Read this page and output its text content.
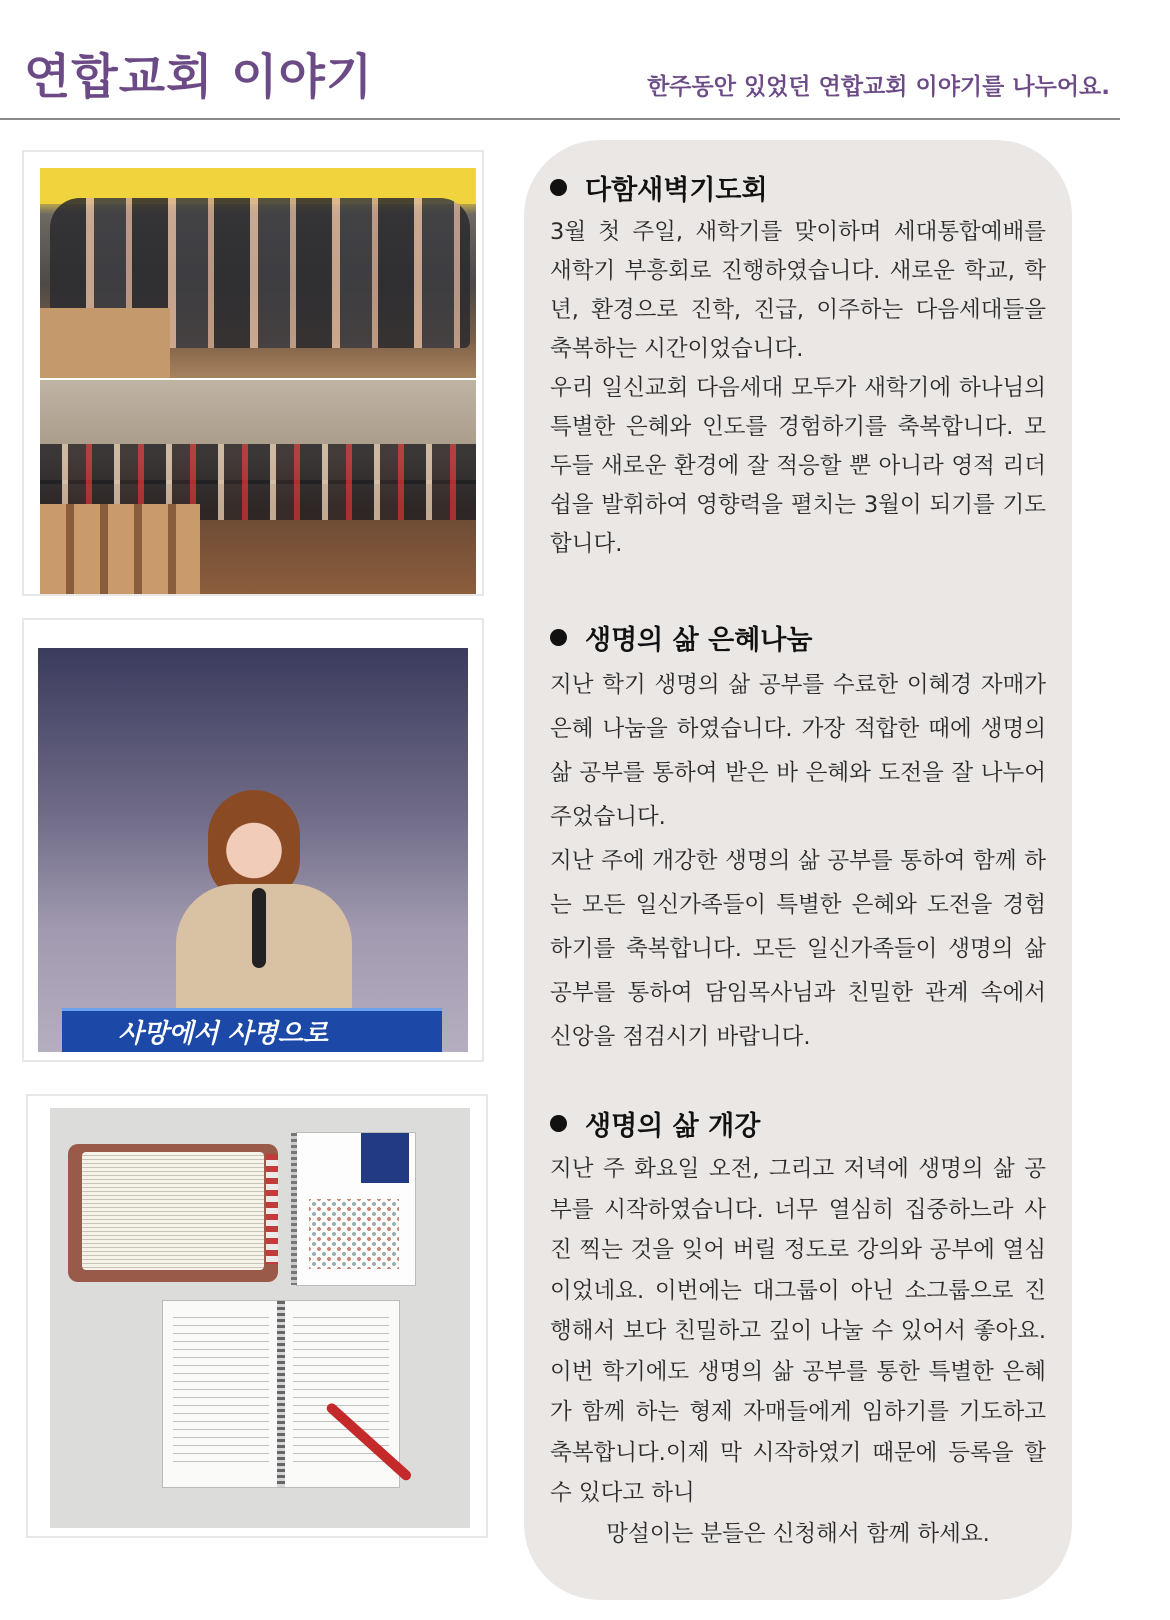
연합교회 이야기	한주동안 있었던 연합교회 이야기를 나누어요.

사망에서 사명으로
다함새벽기도회

3월 첫 주일, 새학기를 맞이하며 세대통합예배를 새학기 부흥회로 진행하였습니다. 새로운 학교, 학년, 환경으로 진학, 진급, 이주하는 다음세대들을 축복하는 시간이었습니다.

우리 일신교회 다음세대 모두가 새학기에 하나님의 특별한 은혜와 인도를 경험하기를 축복합니다. 모두들 새로운 환경에 잘 적응할 뿐 아니라 영적 리더쉽을 발휘하여 영향력을 펼치는 3월이 되기를 기도합니다.

생명의 삶 은혜나눔

지난 학기 생명의 삶 공부를 수료한 이혜경 자매가 은혜 나눔을 하였습니다. 가장 적합한 때에 생명의 삶 공부를 통하여 받은 바 은혜와 도전을 잘 나누어 주었습니다.

지난 주에 개강한 생명의 삶 공부를 통하여 함께 하는 모든 일신가족들이 특별한 은혜와 도전을 경험하기를 축복합니다. 모든 일신가족들이 생명의 삶 공부를 통하여 담임목사님과 친밀한 관계 속에서 신앙을 점검시기 바랍니다.

생명의 삶 개강

지난 주 화요일 오전, 그리고 저녁에 생명의 삶 공부를 시작하였습니다. 너무 열심히 집중하느라 사진 찍는 것을 잊어 버릴 정도로 강의와 공부에 열심이었네요. 이번에는 대그룹이 아닌 소그룹으로 진행해서 보다 친밀하고 깊이 나눌 수 있어서 좋아요. 이번 학기에도 생명의 삶 공부를 통한 특별한 은혜가 함께 하는 형제 자매들에게 임하기를 기도하고 축복합니다.이제 막 시작하였기 때문에 등록을 할 수 있다고 하니

망설이는 분들은 신청해서 함께 하세요.
